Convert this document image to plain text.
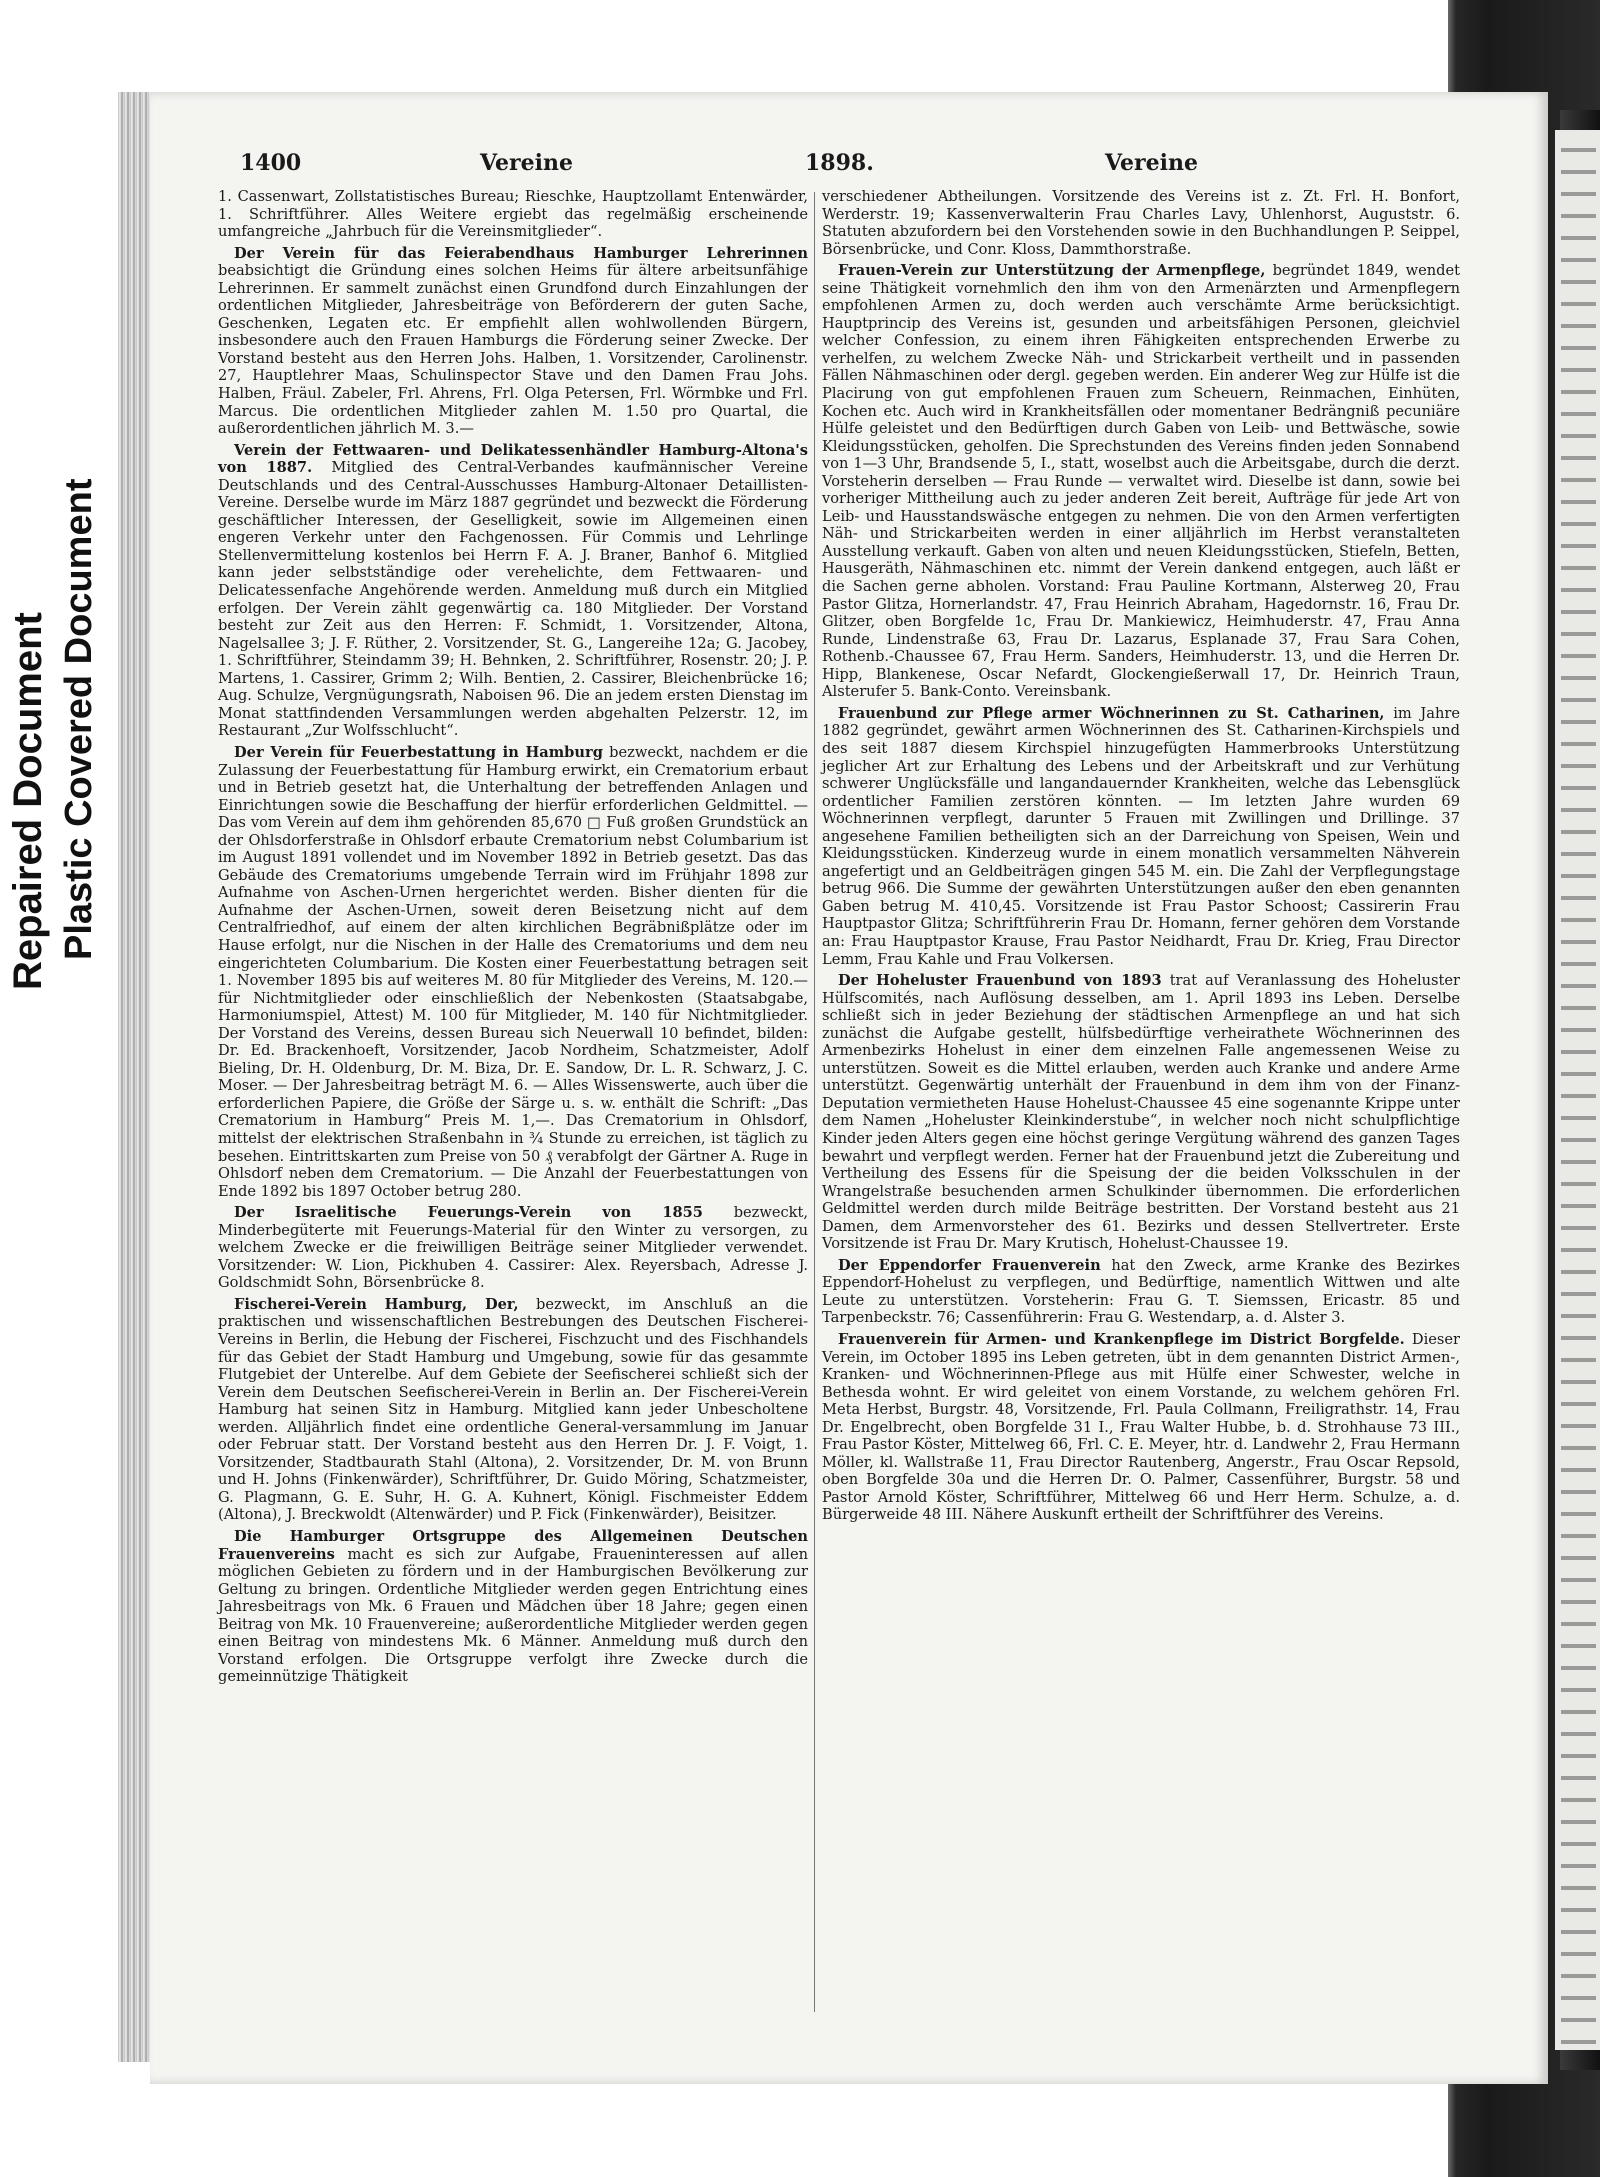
Repaired Document Plastic Covered Document
1400	Vereine	1898.	Vereine

1. Cassenwart, Zollstatistisches Bureau; Rieschke, Hauptzollamt Entenwärder, 1. Schriftführer. Alles Weitere ergiebt das regelmäßig erscheinende umfangreiche „Jahrbuch für die Vereinsmitglieder“.

Der Verein für das Feierabendhaus Hamburger Lehrerinnen beabsichtigt die Gründung eines solchen Heims für ältere arbeitsunfähige Lehrerinnen. Er sammelt zunächst einen Grundfond durch Einzahlungen der ordentlichen Mitglieder, Jahresbeiträge von Beförderern der guten Sache, Geschenken, Legaten etc. Er empfiehlt allen wohlwollenden Bürgern, insbesondere auch den Frauen Hamburgs die Förderung seiner Zwecke. Der Vorstand besteht aus den Herren Johs. Halben, 1. Vorsitzender, Carolinenstr. 27, Hauptlehrer Maas, Schulinspector Stave und den Damen Frau Johs. Halben, Fräul. Zabeler, Frl. Ahrens, Frl. Olga Petersen, Frl. Wörmbke und Frl. Marcus. Die ordentlichen Mitglieder zahlen M. 1.50 pro Quartal, die außerordentlichen jährlich M. 3.—

Verein der Fettwaaren- und Delikatessenhändler Hamburg-Altona's von 1887. Mitglied des Central-Verbandes kaufmännischer Vereine Deutschlands und des Central-Ausschusses Hamburg-Altonaer Detaillisten-Vereine. Derselbe wurde im März 1887 gegründet und bezweckt die Förderung geschäftlicher Interessen, der Geselligkeit, sowie im Allgemeinen einen engeren Verkehr unter den Fachgenossen. Für Commis und Lehrlinge Stellenvermittelung kostenlos bei Herrn F. A. J. Braner, Banhof 6. Mitglied kann jeder selbstständige oder verehelichte, dem Fettwaaren- und Delicatessenfache Angehörende werden. Anmeldung muß durch ein Mitglied erfolgen. Der Verein zählt gegenwärtig ca. 180 Mitglieder. Der Vorstand besteht zur Zeit aus den Herren: F. Schmidt, 1. Vorsitzender, Altona, Nagelsallee 3; J. F. Rüther, 2. Vorsitzender, St. G., Langereihe 12a; G. Jacobey, 1. Schriftführer, Steindamm 39; H. Behnken, 2. Schriftführer, Rosenstr. 20; J. P. Martens, 1. Cassirer, Grimm 2; Wilh. Bentien, 2. Cassirer, Bleichenbrücke 16; Aug. Schulze, Vergnügungsrath, Naboisen 96. Die an jedem ersten Dienstag im Monat stattfindenden Versammlungen werden abgehalten Pelzerstr. 12, im Restaurant „Zur Wolfsschlucht“.

Der Verein für Feuerbestattung in Hamburg bezweckt, nachdem er die Zulassung der Feuerbestattung für Hamburg erwirkt, ein Crematorium erbaut und in Betrieb gesetzt hat, die Unterhaltung der betreffenden Anlagen und Einrichtungen sowie die Beschaffung der hierfür erforderlichen Geldmittel. — Das vom Verein auf dem ihm gehörenden 85,670 □ Fuß großen Grundstück an der Ohlsdorferstraße in Ohlsdorf erbaute Crematorium nebst Columbarium ist im August 1891 vollendet und im November 1892 in Betrieb gesetzt. Das das Gebäude des Crematoriums umgebende Terrain wird im Frühjahr 1898 zur Aufnahme von Aschen-Urnen hergerichtet werden. Bisher dienten für die Aufnahme der Aschen-Urnen, soweit deren Beisetzung nicht auf dem Centralfriedhof, auf einem der alten kirchlichen Begräbnißplätze oder im Hause erfolgt, nur die Nischen in der Halle des Crematoriums und dem neu eingerichteten Columbarium. Die Kosten einer Feuerbestattung betragen seit 1. November 1895 bis auf weiteres M. 80 für Mitglieder des Vereins, M. 120.— für Nichtmitglieder oder einschließlich der Nebenkosten (Staatsabgabe, Harmoniumspiel, Attest) M. 100 für Mitglieder, M. 140 für Nichtmitglieder. Der Vorstand des Vereins, dessen Bureau sich Neuerwall 10 befindet, bilden: Dr. Ed. Brackenhoeft, Vorsitzender, Jacob Nordheim, Schatzmeister, Adolf Bieling, Dr. H. Oldenburg, Dr. M. Biza, Dr. E. Sandow, Dr. L. R. Schwarz, J. C. Moser. — Der Jahresbeitrag beträgt M. 6. — Alles Wissenswerte, auch über die erforderlichen Papiere, die Größe der Särge u. s. w. enthält die Schrift: „Das Crematorium in Hamburg“ Preis M. 1,—. Das Crematorium in Ohlsdorf, mittelst der elektrischen Straßenbahn in ¾ Stunde zu erreichen, ist täglich zu besehen. Eintrittskarten zum Preise von 50 ₰ verabfolgt der Gärtner A. Ruge in Ohlsdorf neben dem Crematorium. — Die Anzahl der Feuerbestattungen von Ende 1892 bis 1897 October betrug 280.

Der Israelitische Feuerungs-Verein von 1855 bezweckt, Minderbegüterte mit Feuerungs-Material für den Winter zu versorgen, zu welchem Zwecke er die freiwilligen Beiträge seiner Mitglieder verwendet. Vorsitzender: W. Lion, Pickhuben 4. Cassirer: Alex. Reyersbach, Adresse J. Goldschmidt Sohn, Börsenbrücke 8.

Fischerei-Verein Hamburg, Der, bezweckt, im Anschluß an die praktischen und wissenschaftlichen Bestrebungen des Deutschen Fischerei-Vereins in Berlin, die Hebung der Fischerei, Fischzucht und des Fischhandels für das Gebiet der Stadt Hamburg und Umgebung, sowie für das gesammte Flutgebiet der Unterelbe. Auf dem Gebiete der Seefischerei schließt sich der Verein dem Deutschen Seefischerei-Verein in Berlin an. Der Fischerei-Verein Hamburg hat seinen Sitz in Hamburg. Mitglied kann jeder Unbescholtene werden. Alljährlich findet eine ordentliche General-versammlung im Januar oder Februar statt. Der Vorstand besteht aus den Herren Dr. J. F. Voigt, 1. Vorsitzender, Stadtbaurath Stahl (Altona), 2. Vorsitzender, Dr. M. von Brunn und H. Johns (Finkenwärder), Schriftführer, Dr. Guido Möring, Schatzmeister, G. Plagmann, G. E. Suhr, H. G. A. Kuhnert, Königl. Fischmeister Eddem (Altona), J. Breckwoldt (Altenwärder) und P. Fick (Finkenwärder), Beisitzer.

Die Hamburger Ortsgruppe des Allgemeinen Deutschen Frauenvereins macht es sich zur Aufgabe, Fraueninteressen auf allen möglichen Gebieten zu fördern und in der Hamburgischen Bevölkerung zur Geltung zu bringen. Ordentliche Mitglieder werden gegen Entrichtung eines Jahresbeitrags von Mk. 6 Frauen und Mädchen über 18 Jahre; gegen einen Beitrag von Mk. 10 Frauenvereine; außerordentliche Mitglieder werden gegen einen Beitrag von mindestens Mk. 6 Männer. Anmeldung muß durch den Vorstand erfolgen. Die Ortsgruppe verfolgt ihre Zwecke durch die gemeinnützige Thätigkeit

verschiedener Abtheilungen. Vorsitzende des Vereins ist z. Zt. Frl. H. Bonfort, Werderstr. 19; Kassenverwalterin Frau Charles Lavy, Uhlenhorst, Auguststr. 6. Statuten abzufordern bei den Vorstehenden sowie in den Buchhandlungen P. Seippel, Börsenbrücke, und Conr. Kloss, Dammthorstraße.

Frauen-Verein zur Unterstützung der Armenpflege, begründet 1849, wendet seine Thätigkeit vornehmlich den ihm von den Armenärzten und Armenpflegern empfohlenen Armen zu, doch werden auch verschämte Arme berücksichtigt. Hauptprincip des Vereins ist, gesunden und arbeitsfähigen Personen, gleichviel welcher Confession, zu einem ihren Fähigkeiten entsprechenden Erwerbe zu verhelfen, zu welchem Zwecke Näh- und Strickarbeit vertheilt und in passenden Fällen Nähmaschinen oder dergl. gegeben werden. Ein anderer Weg zur Hülfe ist die Placirung von gut empfohlenen Frauen zum Scheuern, Reinmachen, Einhüten, Kochen etc. Auch wird in Krankheitsfällen oder momentaner Bedrängniß pecuniäre Hülfe geleistet und den Bedürftigen durch Gaben von Leib- und Bettwäsche, sowie Kleidungsstücken, geholfen. Die Sprechstunden des Vereins finden jeden Sonnabend von 1—3 Uhr, Brandsende 5, I., statt, woselbst auch die Arbeitsgabe, durch die derzt. Vorsteherin derselben — Frau Runde — verwaltet wird. Dieselbe ist dann, sowie bei vorheriger Mittheilung auch zu jeder anderen Zeit bereit, Aufträge für jede Art von Leib- und Hausstandswäsche entgegen zu nehmen. Die von den Armen verfertigten Näh- und Strickarbeiten werden in einer alljährlich im Herbst veranstalteten Ausstellung verkauft. Gaben von alten und neuen Kleidungsstücken, Stiefeln, Betten, Hausgeräth, Nähmaschinen etc. nimmt der Verein dankend entgegen, auch läßt er die Sachen gerne abholen. Vorstand: Frau Pauline Kortmann, Alsterweg 20, Frau Pastor Glitza, Hornerlandstr. 47, Frau Heinrich Abraham, Hagedornstr. 16, Frau Dr. Glitzer, oben Borgfelde 1c, Frau Dr. Mankiewicz, Heimhuderstr. 47, Frau Anna Runde, Lindenstraße 63, Frau Dr. Lazarus, Esplanade 37, Frau Sara Cohen, Rothenb.-Chaussee 67, Frau Herm. Sanders, Heimhuderstr. 13, und die Herren Dr. Hipp, Blankenese, Oscar Nefardt, Glockengießerwall 17, Dr. Heinrich Traun, Alsterufer 5. Bank-Conto. Vereinsbank.

Frauenbund zur Pflege armer Wöchnerinnen zu St. Catharinen, im Jahre 1882 gegründet, gewährt armen Wöchnerinnen des St. Catharinen-Kirchspiels und des seit 1887 diesem Kirchspiel hinzugefügten Hammerbrooks Unterstützung jeglicher Art zur Erhaltung des Lebens und der Arbeitskraft und zur Verhütung schwerer Unglücksfälle und langandauernder Krankheiten, welche das Lebensglück ordentlicher Familien zerstören könnten. — Im letzten Jahre wurden 69 Wöchnerinnen verpflegt, darunter 5 Frauen mit Zwillingen und Drillinge. 37 angesehene Familien betheiligten sich an der Darreichung von Speisen, Wein und Kleidungsstücken. Kinderzeug wurde in einem monatlich versammelten Nähverein angefertigt und an Geldbeiträgen gingen 545 M. ein. Die Zahl der Verpflegungstage betrug 966. Die Summe der gewährten Unterstützungen außer den eben genannten Gaben betrug M. 410,45. Vorsitzende ist Frau Pastor Schoost; Cassirerin Frau Hauptpastor Glitza; Schriftführerin Frau Dr. Homann, ferner gehören dem Vorstande an: Frau Hauptpastor Krause, Frau Pastor Neidhardt, Frau Dr. Krieg, Frau Director Lemm, Frau Kahle und Frau Volkersen.

Der Hoheluster Frauenbund von 1893 trat auf Veranlassung des Hoheluster Hülfscomités, nach Auflösung desselben, am 1. April 1893 ins Leben. Derselbe schließt sich in jeder Beziehung der städtischen Armenpflege an und hat sich zunächst die Aufgabe gestellt, hülfsbedürftige verheirathete Wöchnerinnen des Armenbezirks Hohelust in einer dem einzelnen Falle angemessenen Weise zu unterstützen. Soweit es die Mittel erlauben, werden auch Kranke und andere Arme unterstützt. Gegenwärtig unterhält der Frauenbund in dem ihm von der Finanz-Deputation vermietheten Hause Hohelust-Chaussee 45 eine sogenannte Krippe unter dem Namen „Hoheluster Kleinkinderstube“, in welcher noch nicht schulpflichtige Kinder jeden Alters gegen eine höchst geringe Vergütung während des ganzen Tages bewahrt und verpflegt werden. Ferner hat der Frauenbund jetzt die Zubereitung und Vertheilung des Essens für die Speisung der die beiden Volksschulen in der Wrangelstraße besuchenden armen Schulkinder übernommen. Die erforderlichen Geldmittel werden durch milde Beiträge bestritten. Der Vorstand besteht aus 21 Damen, dem Armenvorsteher des 61. Bezirks und dessen Stellvertreter. Erste Vorsitzende ist Frau Dr. Mary Krutisch, Hohelust-Chaussee 19.

Der Eppendorfer Frauenverein hat den Zweck, arme Kranke des Bezirkes Eppendorf-Hohelust zu verpflegen, und Bedürftige, namentlich Wittwen und alte Leute zu unterstützen. Vorsteherin: Frau G. T. Siemssen, Ericastr. 85 und Tarpenbeckstr. 76; Cassenführerin: Frau G. Westendarp, a. d. Alster 3.

Frauenverein für Armen- und Krankenpflege im District Borgfelde. Dieser Verein, im October 1895 ins Leben getreten, übt in dem genannten District Armen-, Kranken- und Wöchnerinnen-Pflege aus mit Hülfe einer Schwester, welche in Bethesda wohnt. Er wird geleitet von einem Vorstande, zu welchem gehören Frl. Meta Herbst, Burgstr. 48, Vorsitzende, Frl. Paula Collmann, Freiligrathstr. 14, Frau Dr. Engelbrecht, oben Borgfelde 31 I., Frau Walter Hubbe, b. d. Strohhause 73 III., Frau Pastor Köster, Mittelweg 66, Frl. C. E. Meyer, htr. d. Landwehr 2, Frau Hermann Möller, kl. Wallstraße 11, Frau Director Rautenberg, Angerstr., Frau Oscar Repsold, oben Borgfelde 30a und die Herren Dr. O. Palmer, Cassenführer, Burgstr. 58 und Pastor Arnold Köster, Schriftführer, Mittelweg 66 und Herr Herm. Schulze, a. d. Bürgerweide 48 III. Nähere Auskunft ertheilt der Schriftführer des Vereins.
